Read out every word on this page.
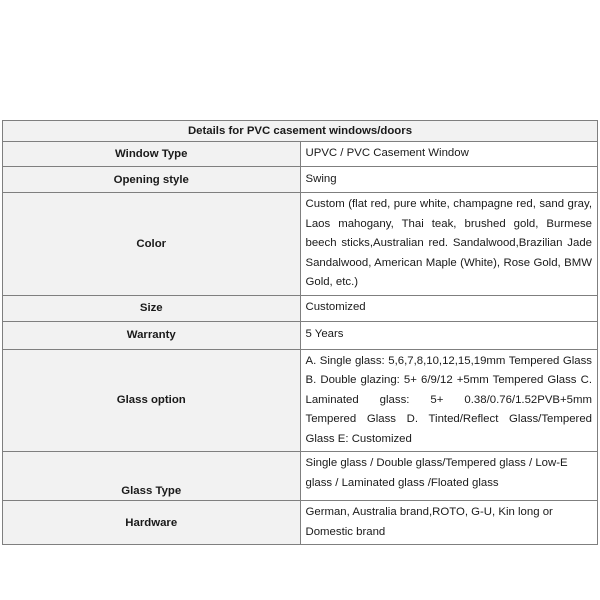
Details for PVC casement windows/doors	
Window Type	UPVC / PVC Casement Window
Opening style	Swing
Color	Custom (flat red, pure white, champagne red, sand gray, Laos mahogany, Thai teak, brushed gold, Burmese beech sticks,Australian red. Sandalwood,Brazilian Jade Sandalwood, American Maple (White), Rose Gold, BMW Gold, etc.)
Size	Customized
Warranty	5 Years
Glass option	A. Single glass: 5,6,7,8,10,12,15,19mm Tempered Glass B. Double glazing: 5+ 6/9/12 +5mm Tempered Glass C. Laminated glass: 5+ 0.38/0.76/1.52PVB+5mm Tempered Glass D. Tinted/Reflect Glass/Tempered Glass E: Customized
Glass Type	Single glass / Double glass/Tempered glass / Low-E glass / Laminated glass /Floated glass
Hardware	German, Australia brand,ROTO, G-U, Kin long or Domestic brand
